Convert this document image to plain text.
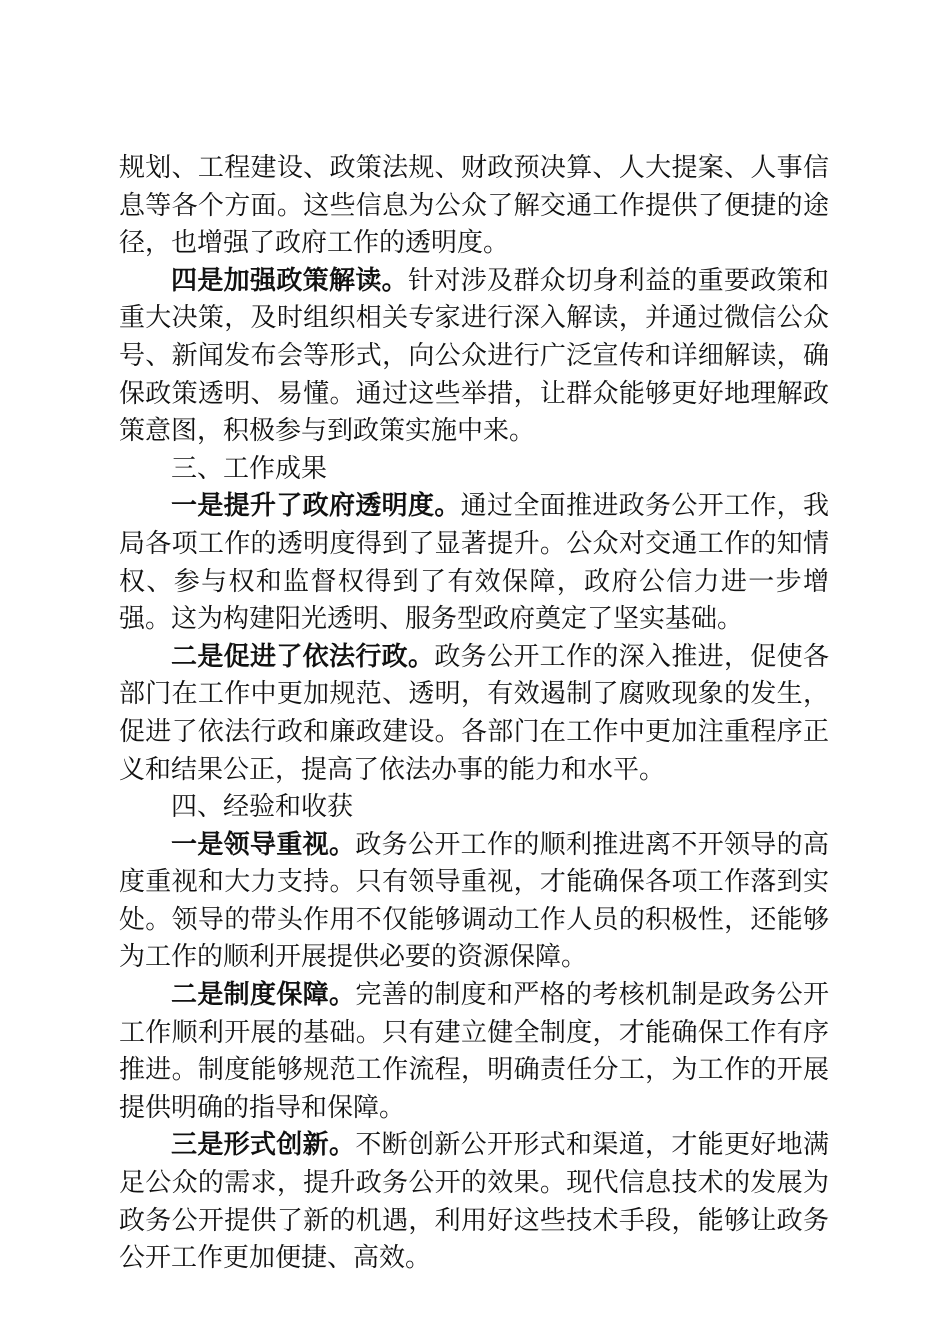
规划、工程建设、政策法规、财政预决算、人大提案、人事信息等各个方面。这些信息为公众了解交通工作提供了便捷的途径，也增强了政府工作的透明度。

四是加强政策解读。针对涉及群众切身利益的重要政策和重大决策，及时组织相关专家进行深入解读，并通过微信公众号、新闻发布会等形式，向公众进行广泛宣传和详细解读，确保政策透明、易懂。通过这些举措，让群众能够更好地理解政策意图，积极参与到政策实施中来。

三、工作成果

一是提升了政府透明度。通过全面推进政务公开工作，我局各项工作的透明度得到了显著提升。公众对交通工作的知情权、参与权和监督权得到了有效保障，政府公信力进一步增强。这为构建阳光透明、服务型政府奠定了坚实基础。

二是促进了依法行政。政务公开工作的深入推进，促使各部门在工作中更加规范、透明，有效遏制了腐败现象的发生，促进了依法行政和廉政建设。各部门在工作中更加注重程序正义和结果公正，提高了依法办事的能力和水平。

四、经验和收获

一是领导重视。政务公开工作的顺利推进离不开领导的高度重视和大力支持。只有领导重视，才能确保各项工作落到实处。领导的带头作用不仅能够调动工作人员的积极性，还能够为工作的顺利开展提供必要的资源保障。

二是制度保障。完善的制度和严格的考核机制是政务公开工作顺利开展的基础。只有建立健全制度，才能确保工作有序推进。制度能够规范工作流程，明确责任分工，为工作的开展提供明确的指导和保障。

三是形式创新。不断创新公开形式和渠道，才能更好地满足公众的需求，提升政务公开的效果。现代信息技术的发展为政务公开提供了新的机遇，利用好这些技术手段，能够让政务公开工作更加便捷、高效。
